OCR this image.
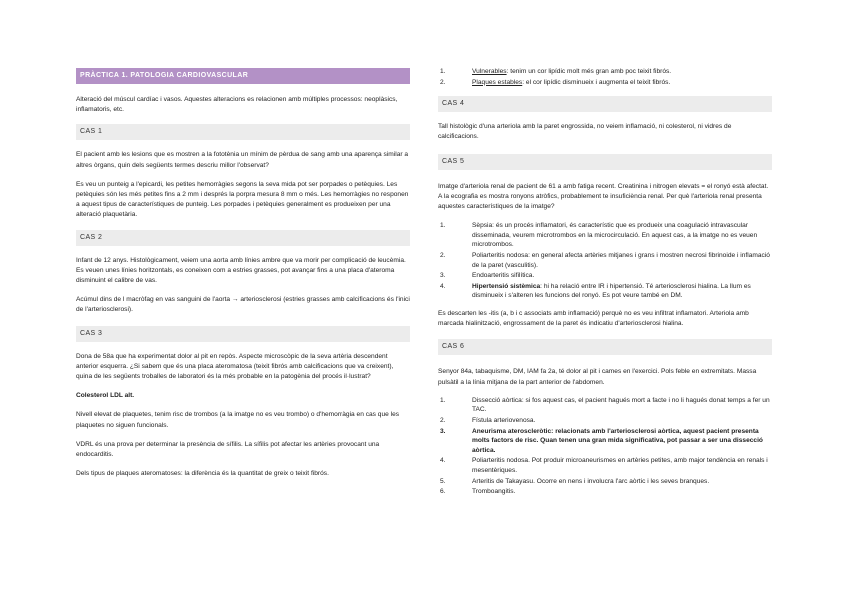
PRÀCTICA 1. PATOLOGIA CARDIOVASCULAR

Alteració del múscul cardíac i vasos. Aquestes alteracions es relacionen amb múltiples processos: neoplàsics, inflamatoris, etc.

CAS 1

El pacient amb les lesions que es mostren a la fototènia un mínim de pèrdua de sang amb una aparença similar a altres òrgans, quin dels següents termes descriu millor l'observat?

Es veu un punteig a l'epicardi, les petites hemorràgies segons la seva mida pot ser porpades o petèquies. Les petèquies són les més petites fins a 2 mm i després la porpra mesura 8 mm o més. Les hemorràgies no responen a aquest tipus de característiques de punteig. Les porpades i petèquies generalment es produeixen per una alteració plaquetària.

CAS 2

Infant de 12 anys. Histològicament, veiem una aorta amb línies ambre que va morir per complicació de leucèmia. Es veuen unes línies horitzontals, es coneixen com a estries grasses, pot avançar fins a una placa d'ateroma disminuint el calibre de vas.

Acúmul dins de l macròfag en vas sanguini de l'aorta → arteriosclerosi (estries grasses amb calcificacions és l'inici de l'arteriosclerosi).

CAS 3

Dona de 58a que ha experimentat dolor al pit en repòs. Aspecte microscòpic de la seva artèria descendent anterior esquerra. ¿Si sabem que és una placa ateromatosa (teixit fibrós amb calcificacions que va creixent), quina de les següents troballes de laboratori és la més probable en la patogènia del procés il·lustrat?

Colesterol LDL alt.

Nivell elevat de plaquetes, tenim risc de trombos (a la imatge no es veu trombo) o d'hemorràgia en cas que les plaquetes no siguen funcionals.

VDRL és una prova per determinar la presència de sífilis. La sífilis pot afectar les artèries provocant una endocarditis.

Dels tipus de plaques ateromatoses: la diferència és la quantitat de greix o teixit fibrós.

1.	Vulnerables: tenim un cor lipídic molt més gran amb poc teixit fibrós.
2.	Plaques estables: el cor lipídic disminueix i augmenta el teixit fibrós.
CAS 4

Tall histològic d'una arteriola amb la paret engrossida, no veiem inflamació, ni colesterol, ni vidres de calcificacions.

CAS 5

Imatge d'arteriola renal de pacient de 61 a amb fatiga recent. Creatinina i nitrogen elevats = el ronyó està afectat. A la ecografia es mostra ronyons atròfics, probablement te insuficiència renal. Per què l'arteriola renal presenta aquestes característiques de la imatge?

1.	Sèpsia: és un procés inflamatori, és característic que es produeix una coagulació intravascular disseminada, veurem microtrombos en la microcirculació. En aquest cas, a la imatge no es veuen microtrombos.
2.	Poliarteritis nodosa: en general afecta artèries mitjanes i grans i mostren necrosi fibrinoide i inflamació de la paret (vasculitis).
3.	Endoarteritis sifilítica.
4.	Hipertensió sistèmica: hi ha relació entre IR i hipertensió. Té arteriosclerosi hialina. La llum es disminueix i s'alteren les funcions del ronyó. Es pot veure també en DM.

Es descarten les -itis (a, b i c associats amb inflamació) perquè no es veu infiltrat inflamatori. Arteriola amb marcada hialinització, engrossament de la paret és indicatiu d'arteriosclerosi hialina.

CAS 6

Senyor 84a, tabaquisme, DM, IAM fa 2a, té dolor al pit i cames en l'exercici. Pols feble en extremitats. Massa pulsàtil a la línia mitjana de la part anterior de l'abdomen.

1.	Dissecció aòrtica: si fos aquest cas, el pacient hagués mort a facte i no li hagués donat temps a fer un TAC.
2.	Fístula arteriovenosa.
3.	Aneurisma ateroscleròtic: relacionats amb l'arteriosclerosi aòrtica, aquest pacient presenta molts factors de risc. Quan tenen una gran mida significativa, pot passar a ser una dissecció aòrtica.
4.	Poliarteritis nodosa. Pot produir microaneurismes en artèries petites, amb major tendència en renals i mesentèriques.
5.	Arteritis de Takayasu. Ocorre en nens i involucra l'arc aòrtic i les seves branques.
6.	Tromboangitis.
